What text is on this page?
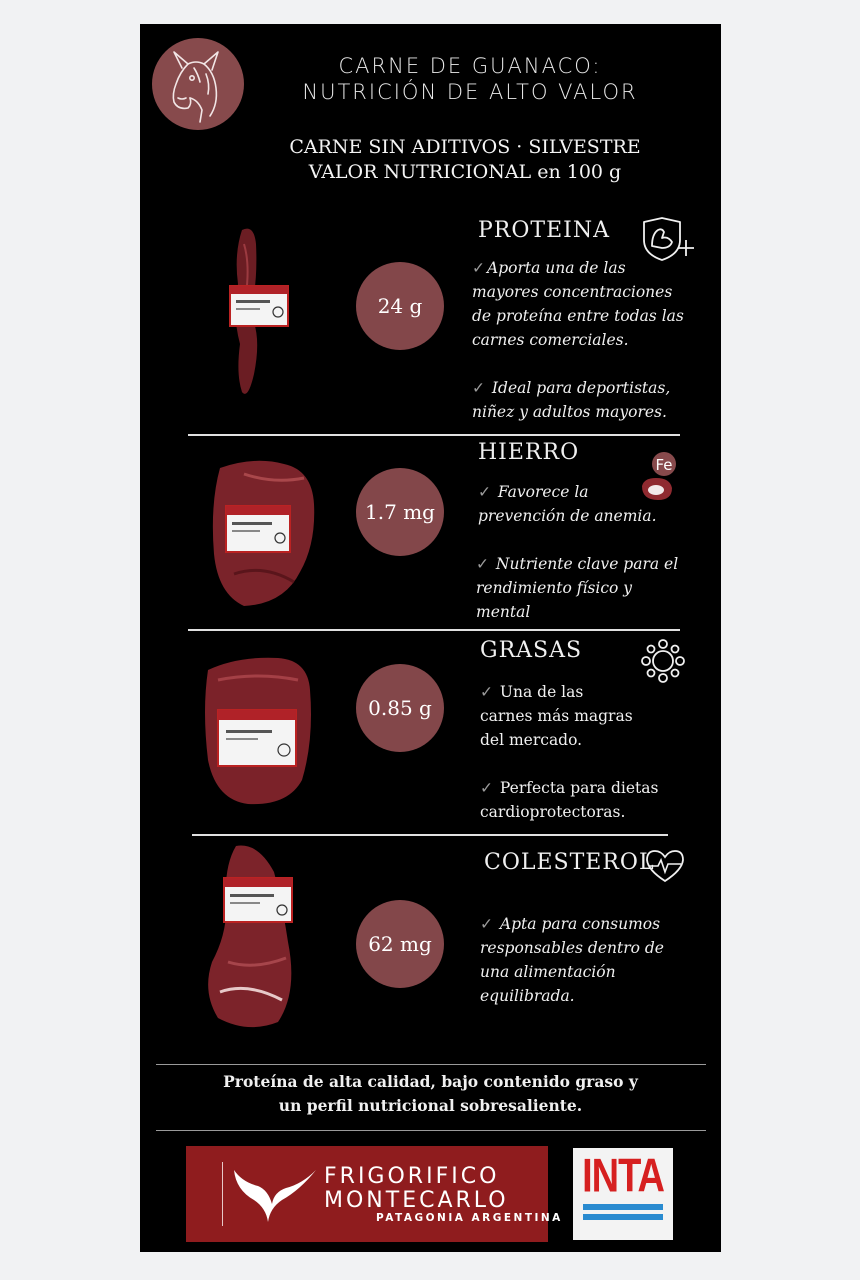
CARNE DE GUANACO:
NUTRICIÓN DE ALTO VALOR
CARNE SIN ADITIVOS · SILVESTRE
VALOR NUTRICIONAL en 100 g
24 g
PROTEINA
✓ Aporta una de las
mayores concentraciones
de proteína entre todas las
carnes comerciales.
✓ Ideal para deportistas,
niñez y adultos mayores.
1.7 mg
HIERRO	Fe
✓ Favorece la
prevención de anemia.
✓ Nutriente clave para el
rendimiento físico y
mental
0.85 g
GRASAS
✓ Una de las
carnes más magras
del mercado.
✓ Perfecta para dietas
cardioprotectoras.
62 mg
COLESTEROL
✓ Apta para consumos
responsables dentro de
una alimentación
equilibrada.
Proteína de alta calidad, bajo contenido graso y
un perfil nutricional sobresaliente.
FRIGORIFICO
MONTECARLO
PATAGONIA ARGENTINA
INTA
